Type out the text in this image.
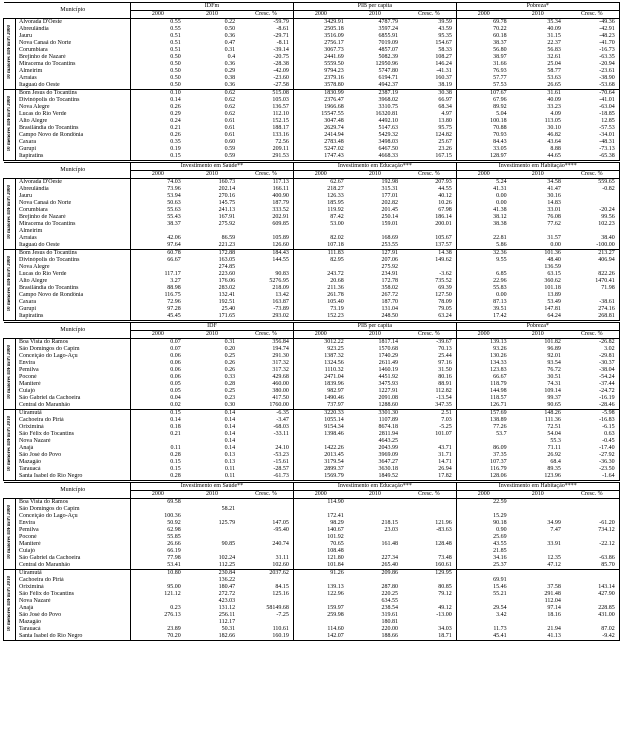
	Município	IDFm			PIB per capita			Pobreza*		
		2000	2010	Cresc. %	2000	2010	Cresc. %	2000	2010	Cresc. %
10 maiores IDFm/Pi 2000	Alvorada D'Oeste	0.55	0.22	-59.79	3429.91	4787.79	39.59	69.78	35.34	-49.36
	Abreulândia	0.55	0.50	-8.61	2505.18	3597.24	43.59	70.22	40.09	-42.91
	Jauru	0.51	0.36	-29.71	3516.09	6855.91	95.35	60.18	31.15	-48.23
	Nova Canaã do Norte	0.51	0.47	-8.11	2756.17	7019.09	154.67	38.37	22.37	-41.70
	Corumbiara	0.51	0.31	-39.14	3067.73	4857.07	58.33	56.80	56.83	-16.73
	Brejinho de Nazaré	0.50	0.4	-20.75	2441.69	5082.39	108.27	38.97	32.61	-63.35
	Miracema do Tocantins	0.50	0.36	-28.38	5559.50	12950.96	146.24	31.66	25.04	-20.94
	Almeirim	0.50	0.29	-42.09	9794.23	5747.80	-41.31	76.93	58.77	-23.61
	Arraias	0.50	0.38	-23.60	2379.16	6194.71	160.37	57.77	53.63	-38.90
	Itaguaú do Oeste	0.50	0.36	-27.58	3578.80	4942.37	38.19	57.53	26.65	-53.68
10 menores IDFm/Pi 2000	Bom Jesus do Tocantins	0.10	0.62	515.08	1830.99	2387.19	30.38	107.67	31.61	-70.64
	Divinópolis do Tocantins	0.14	0.62	105.03	2376.47	3968.02	66.97	67.96	40.09	-41.01
	Nova Alegre	0.26	0.62	136.57	1966.68	3310.75	68.34	89.92	33.23	-63.04
	Lucas do Rio Verde	0.29	0.62	112.10	15547.55	16320.81	4.97	5.04	4.09	-18.85
	Alto Alegre	0.24	0.61	152.15	3047.48	4492.10	13.80	100.18	113.05	12.85
	Brasilândia do Tocantins	0.21	0.61	188.17	2629.74	5147.63	95.75	70.88	30.10	-57.53
	Campo Novo de Rondônia	0.26	0.61	133.16	2414.94	5429.32	124.82	70.93	46.82	-34.01
	Caxara	0.35	0.60	72.56	2783.48	3498.03	25.67	84.43	43.64	-48.31
	Gurupi	0.19	0.59	209.11	5247.02	6467.50	23.26	33.05	8.88	-73.13
	Itapiratins	0.15	0.59	291.53	1747.43	4668.33	167.15	128.97	44.65	-65.38
	Município	Investimento em Saúde**			Investimento em Educação***			Investimento em Habitação****		
		2000	2010	Cresc. %	2000	2010	Cresc. %	2000	2010	Cresc. %
10 maiores IDFm/Pi 2000	Alvorada D'Oeste	74.03	160.73	117.13	62.67	192.98	207.93	5.24	34.58	559.65
	Abreulândia	73.96	202.14	166.11	218.27	315.31	44.55	41.31	41.47	-0.82
	Jauru	53.94	270.16	400.90	126.33	177.01	40.12	0.00	30.16	
	Nova Canaã do Norte	50.63	145.75	187.79	185.95	202.82	10.26	0.00	14.83	
	Corumbiara	55.63	241.13	333.52	119.92	201.45	67.98	41.38	33.01	-20.24
	Brejinho de Nazaré	55.43	167.91	202.91	87.42	250.14	186.14	38.12	76.08	99.56
	Miracema do Tocantins	38.37	275.92	609.85	53.00	159.01	200.01	38.38	77.62	102.23
	Almeirim									
	Arraias	42.06	86.59	105.89	82.02	168.69	105.67	22.81	31.57	38.40
	Itaguaú do Oeste	97.64	221.23	126.60	107.18	253.55	137.57	5.86	0.00	-100.00
10 menores IDFm/Pi 2000	Bom Jesus do Tocantins	60.78	172.88	184.43	111.83	127.91	14.38	32.36	101.36	213.27
	Divinópolis do Tocantins	66.67	163.05	144.55	82.95	207.06	149.62	9.55	48.40	406.94
	Nova Alegre		274.85			275.92			136.59	
	Lucas do Rio Verde	117.17	223.60	90.83	243.72	234.91	-3.62	6.85	63.15	822.26
	Alto Alegre	3.27	176.06	5276.95	20.68	172.78	735.52	22.96	360.62	1470.41
	Brasilândia do Tocantins	88.98	283.02	218.09	211.36	358.02	69.39	55.83	101.18	71.98
	Campo Novo de Rondônia	116.75	132.41	13.42	261.78	267.72	127.50	0.00	13.89	
	Caxara	72.96	192.51	163.87	105.40	187.70	78.09	87.13	53.49	-38.61
	Gurupi	97.28	25.40	-73.89	73.19	131.04	79.05	39.51	147.81	274.16
	Itapiratins	45.45	171.65	293.02	152.23	248.50	63.24	17.42	64.24	268.81
	Município	IDF			PIB per capita			Pobreza*		
		2000	2010	Cresc. %	2000	2010	Cresc. %	2000	2010	Cresc. %
10 maiores IDFm/Pi 2000	Boa Vista do Ramos	0.07	0.31	356.84	3012.22	1817.14	-39.67	139.13	101.82	-26.82
	São Domingos do Capim	0.07	0.20	194.74	923.25	1570.68	70.13	93.26	96.89	3.02
	Conceição do Lago-Açu	0.06	0.25	291.30	1387.32	1740.29	25.44	130.26	92.01	-29.81
	Envira	0.06	0.26	317.32	1324.56	2611.49	97.16	134.33	93.54	-30.37
	Pemilva	0.06	0.26	317.32	1110.32	1460.19	31.50	123.83	76.72	-38.04
	Poconé	0.06	0.33	429.68	2471.04	4451.92	80.16	66.67	30.51	-54.24
	Maniteré	0.05	0.28	460.00	1839.96	3475.93	88.91	118.79	74.31	-37.44
	Cuiajó	0.05	0.25	380.00	982.97	1227.91	112.82	144.98	109.14	-24.72
	São Gabriel da Cachoeira	0.04	0.23	417.50	1490.46	2091.08	-13.54	118.57	99.37	-16.19
	Central do Maranhão	0.02	0.30	1760.00	737.97	1288.60	347.35	126.71	90.65	-28.46
10 menores IDFm/Pi 2010	Uiramutã	0.15	0.14	-6.35	3220.33	3301.30	2.51	157.69	148.26	-5.98
	Cachoeira do Piriá	0.14	0.14	-3.47	1055.14	1107.89	7.03	138.89	111.36	-16.83
	Oriximiná	0.18	0.14	-68.03	9154.34	8674.18	-5.25	77.26	72.51	-6.15
	São Félix do Tocantins	0.21	0.14	-33.11	1398.46	2811.94	101.07	53.7	54.04	0.63
	Nova Nazaré		0.14			4643.25			55.3	-0.45
	Anajá	0.11	0.14	24.10	1422.26	2043.99	43.71	86.09	71.11	-17.40
	São José do Povo	0.28	0.13	-53.23	2013.45	3969.09	31.71	37.35	26.92	-27.92
	Mazagão	0.15	0.13	-15.61	3179.54	3647.27	14.71	107.37	68.4	-36.30
	Tarauacá	0.15	0.11	-28.57	2899.37	3630.18	26.94	116.79	89.35	-23.50
	Santa Isabel do Rio Negro	0.28	0.11	-61.73	1569.79	1849.52	17.82	128.06	123.96	-1.64
	Município	Investimento em Saúde**			Investimento em Educação***			Investimento em Habitação****		
		2000	2010	Cresc. %	2000	2010	Cresc. %	2000	2010	Cresc. %
10 maiores IDFm/Pi 2000	Boa Vista do Ramos	69.58			114.90			22.59		
	São Domingos do Capim		58.21							
	Conceição do Lago-Açu	100.36			172.41			15.29		
	Envira	50.92	125.79	147.05	98.29	218.15	121.96	90.18	34.99	-61.20
	Pemilva	62.98		-95.40	140.67	23.03	-83.63	0.90	7.47	734.12
	Poconé	55.85			101.92			25.69		
	Maniteré	26.66	90.85	240.74	70.65	161.48	128.48	43.55	33.91	-22.12
	Cuiajó	66.19			108.48			21.85		
	São Gabriel da Cachoeira	77.98	102.24	31.11	121.80	227.34	73.48	34.16	12.35	-63.86
	Central do Maranhão	53.41	112.25	102.60	101.84	265.40	160.61	25.37	47.12	85.70
10 menores IDFm/Pi 2010	Uiramutã	10.80	230.84	2037.62	91.26	209.86	129.95			
	Cachoeira do Piriá		136.22					69.91		
	Oriximiná	95.00	180.47	84.15	139.13	287.80	80.85	15.46	37.58	143.14
	São Félix do Tocantins	121.12	272.72	125.16	122.96	220.25	79.12	55.21	291.48	427.90
	Nova Nazaré		423.03			634.55			112.04	
	Anajá	0.23	131.12	58149.68	159.97	238.54	49.12	29.54	97.14	228.85
	São José do Povo	276.13	256.11	-7.25	259.98	319.61	-13.00	3.42	18.16	431.00
	Mazagão		112.17			180.81				
	Tarauacá	23.89	50.31	110.61	114.60	220.00	34.03	11.73	21.94	87.02
	Santa Isabel do Rio Negro	70.20	182.66	160.19	142.07	188.66	18.71	45.41	41.13	-9.42
